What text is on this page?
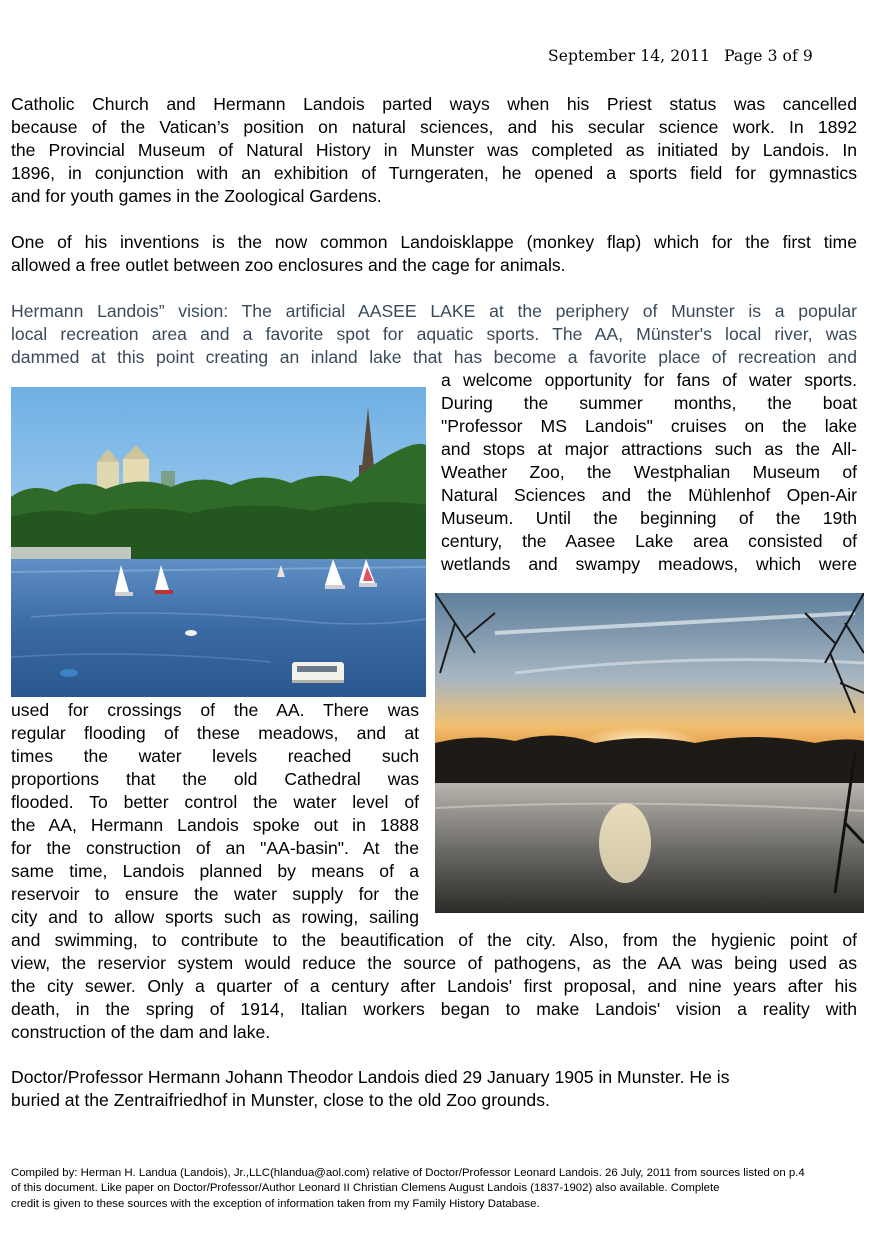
September 14, 2011 Page 3 of 9
Catholic Church and Hermann Landois parted ways when his Priest status was cancelled
because of the Vatican’s position on natural sciences, and his secular science work. In 1892
the Provincial Museum of Natural History in Munster was completed as initiated by Landois. In
1896, in conjunction with an exhibition of Turngeraten, he opened a sports field for gymnastics
and for youth games in the Zoological Gardens.
One of his inventions is the now common Landoisklappe (monkey flap) which for the first time
allowed a free outlet between zoo enclosures and the cage for animals.
Hermann Landois” vision: The artificial AASEE LAKE at the periphery of Munster is a popular
local recreation area and a favorite spot for aquatic sports. The AA, Münster's local river, was
dammed at this point creating an inland lake that has become a favorite place of recreation and
a welcome opportunity for fans of water sports.
During the summer months, the boat
"Professor MS Landois" cruises on the lake
and stops at major attractions such as the All-
Weather Zoo, the Westphalian Museum of
Natural Sciences and the Mühlenhof Open-Air
Museum. Until the beginning of the 19th
century, the Aasee Lake area consisted of
wetlands and swampy meadows, which were
used for crossings of the AA. There was
regular flooding of these meadows, and at
times the water levels reached such
proportions that the old Cathedral was
flooded. To better control the water level of
the AA, Hermann Landois spoke out in 1888
for the construction of an "AA-basin". At the
same time, Landois planned by means of a
reservoir to ensure the water supply for the
city and to allow sports such as rowing, sailing
and swimming, to contribute to the beautification of the city. Also, from the hygienic point of
view, the reservior system would reduce the source of pathogens, as the AA was being used as
the city sewer. Only a quarter of a century after Landois' first proposal, and nine years after his
death, in the spring of 1914, Italian workers began to make Landois' vision a reality with
construction of the dam and lake.
Doctor/Professor Hermann Johann Theodor Landois died 29 January 1905 in Munster. He is
buried at the Zentraifriedhof in Munster, close to the old Zoo grounds.
Compiled by: Herman H. Landua (Landois), Jr.,LLC(hlandua@aol.com) relative of Doctor/Professor Leonard Landois. 26 July, 2011 from sources listed on p.4
of this document. Like paper on Doctor/Professor/Author Leonard II Christian Clemens August Landois (1837-1902) also available. Complete
credit is given to these sources with the exception of information taken from my Family History Database.
